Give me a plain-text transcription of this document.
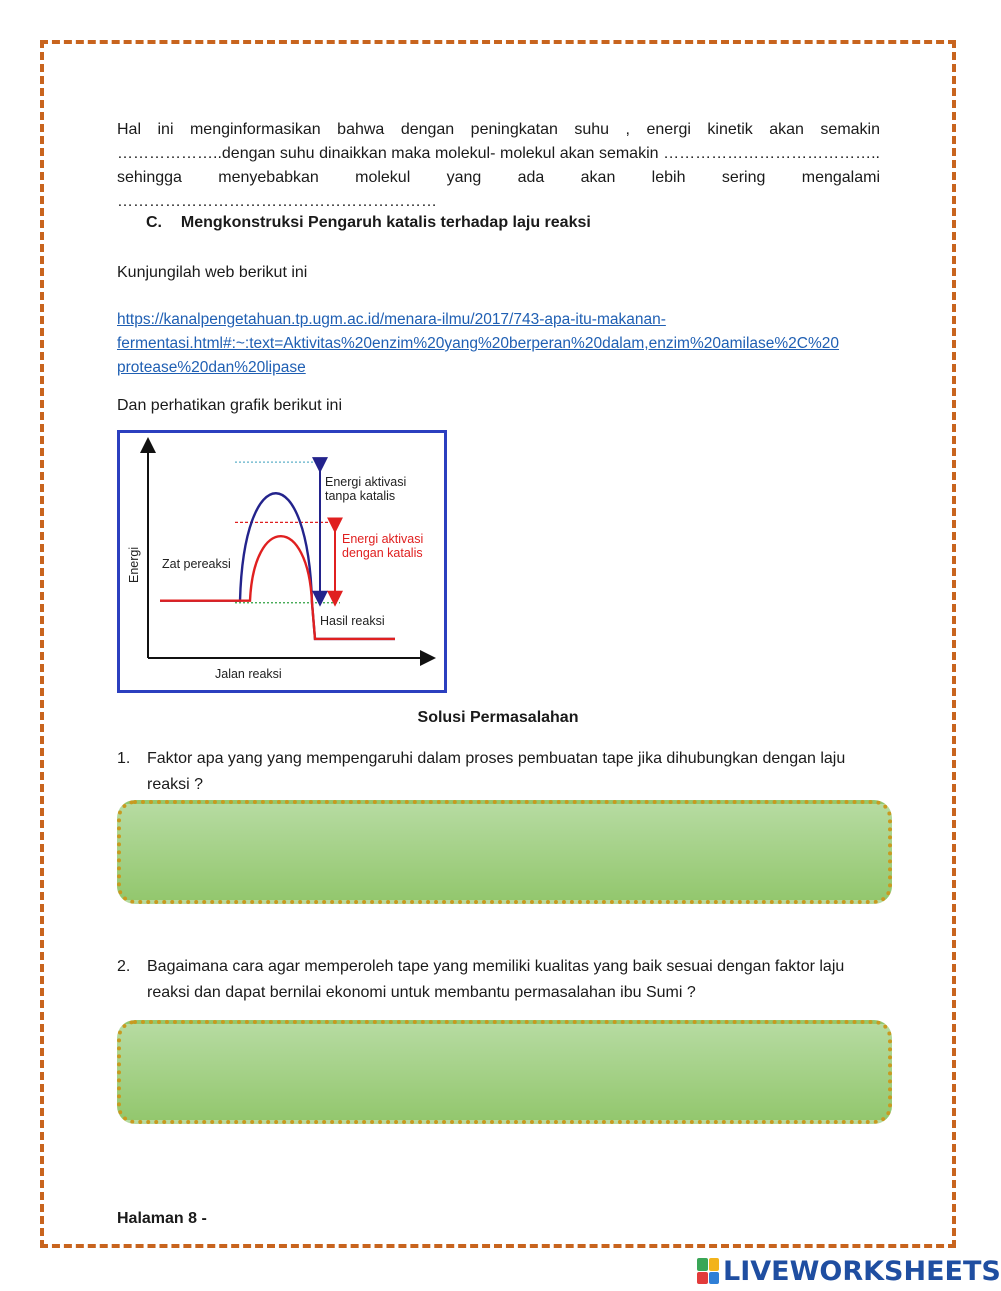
Hal ini menginformasikan bahwa dengan peningkatan suhu , energi kinetik akan semakin
………………..dengan suhu dinaikkan maka molekul- molekul akan semakin …………………………………..
sehingga menyebabkan molekul yang ada akan lebih sering mengalami
……………………………………………………
C. Mengkonstruksi Pengaruh katalis terhadap laju reaksi
Kunjungilah web berikut ini
https://kanalpengetahuan.tp.ugm.ac.id/menara-ilmu/2017/743-apa-itu-makanan-
fermentasi.html#:~:text=Aktivitas%20enzim%20yang%20berperan%20dalam,enzim%20amilase%2C%20
protease%20dan%20lipase
Dan perhatikan grafik berikut ini
Energi aktivasi
tanpa katalis
Energi aktivasi
dengan katalis
Zat pereaksi
Hasil reaksi
Jalan reaksi
Energi
Solusi Permasalahan
1. Faktor apa yang yang mempengaruhi dalam proses pembuatan tape jika dihubungkan dengan laju reaksi ?
2. Bagaimana cara agar memperoleh tape yang memiliki kualitas yang baik sesuai dengan faktor laju reaksi dan dapat bernilai ekonomi untuk membantu permasalahan ibu Sumi ?
Halaman 8 -
LIVEWORKSHEETS
